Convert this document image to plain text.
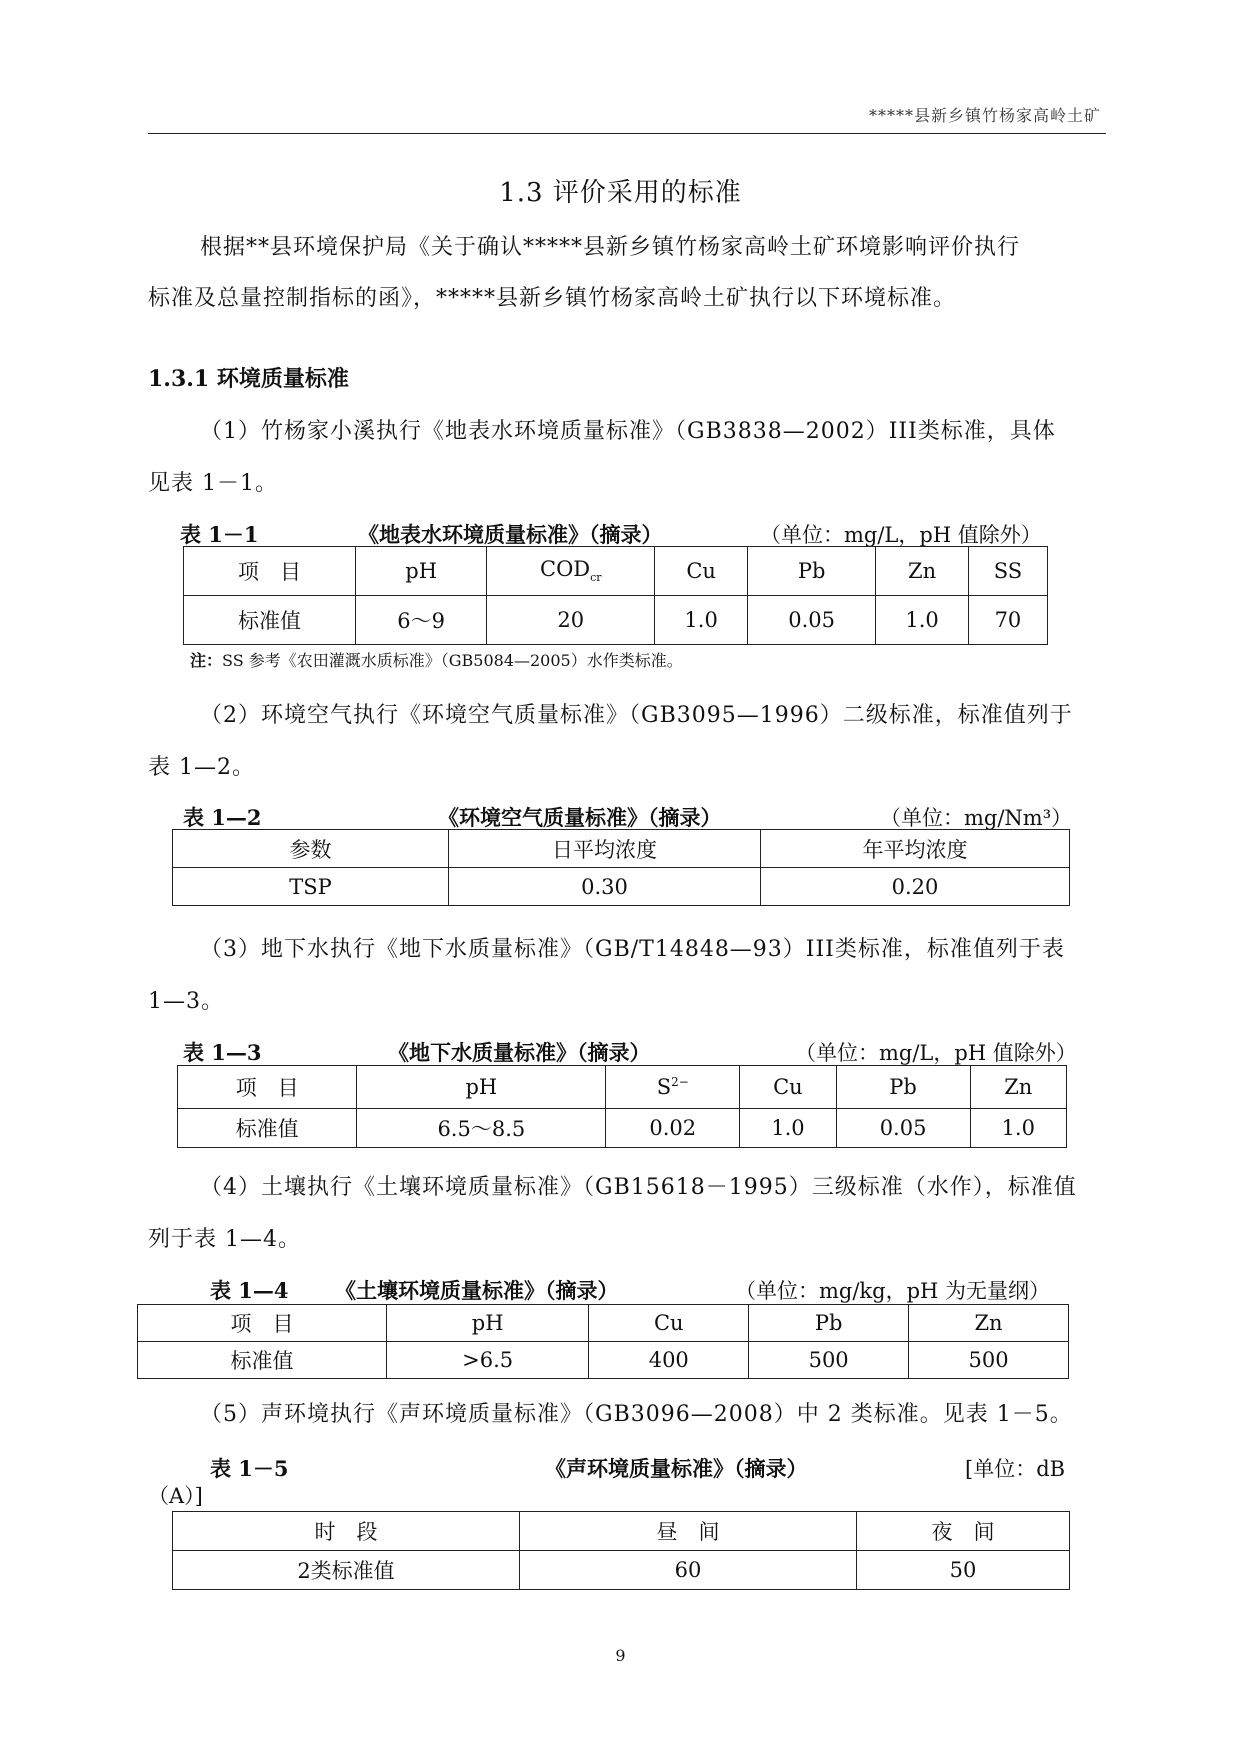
*****县新乡镇竹杨家高岭土矿
1.3 评价采用的标准
根据**县环境保护局《关于确认*****县新乡镇竹杨家高岭土矿环境影响评价执行
标准及总量控制指标的函》，*****县新乡镇竹杨家高岭土矿执行以下环境标准。
1.3.1 环境质量标准
（1）竹杨家小溪执行《地表水环境质量标准》（GB3838—2002）III类标准，具体
见表 1－1。
表 1－1	《地表水环境质量标准》（摘录）	（单位：mg/L，pH 值除外）
项　目	pH	$COD_{cr}$	Cu	Pb	Zn	SS
标准值	6～9	20	1.0	0.05	1.0	70
注：SS 参考《农田灌溉水质标准》（GB5084—2005）水作类标准。
（2）环境空气执行《环境空气质量标准》（GB3095—1996）二级标准，标准值列于
表 1—2。
表 1—2	《环境空气质量标准》（摘录）	（单位：mg/Nm³）
参数	日平均浓度	年平均浓度
TSP	0.30	0.20
（3）地下水执行《地下水质量标准》（GB/T14848—93）III类标准，标准值列于表
1—3。
表 1—3	《地下水质量标准》（摘录）	（单位：mg/L，pH 值除外）
项　目	pH	$S^{2-}$	Cu	Pb	Zn
标准值	6.5～8.5	0.02	1.0	0.05	1.0
（4）土壤执行《土壤环境质量标准》（GB15618－1995）三级标准（水作），标准值
列于表 1—4。
表 1—4 《土壤环境质量标准》（摘录）	（单位：mg/kg，pH 为无量纲）
项　目	pH	Cu	Pb	Zn
标准值	>6.5	400	500	500
（5）声环境执行《声环境质量标准》（GB3096—2008）中 2 类标准。见表 1－5。
表 1－5	《声环境质量标准》（摘录）	[单位：dB
（A）]
时　段	昼　间	夜　间
2类标准值	60	50
9
